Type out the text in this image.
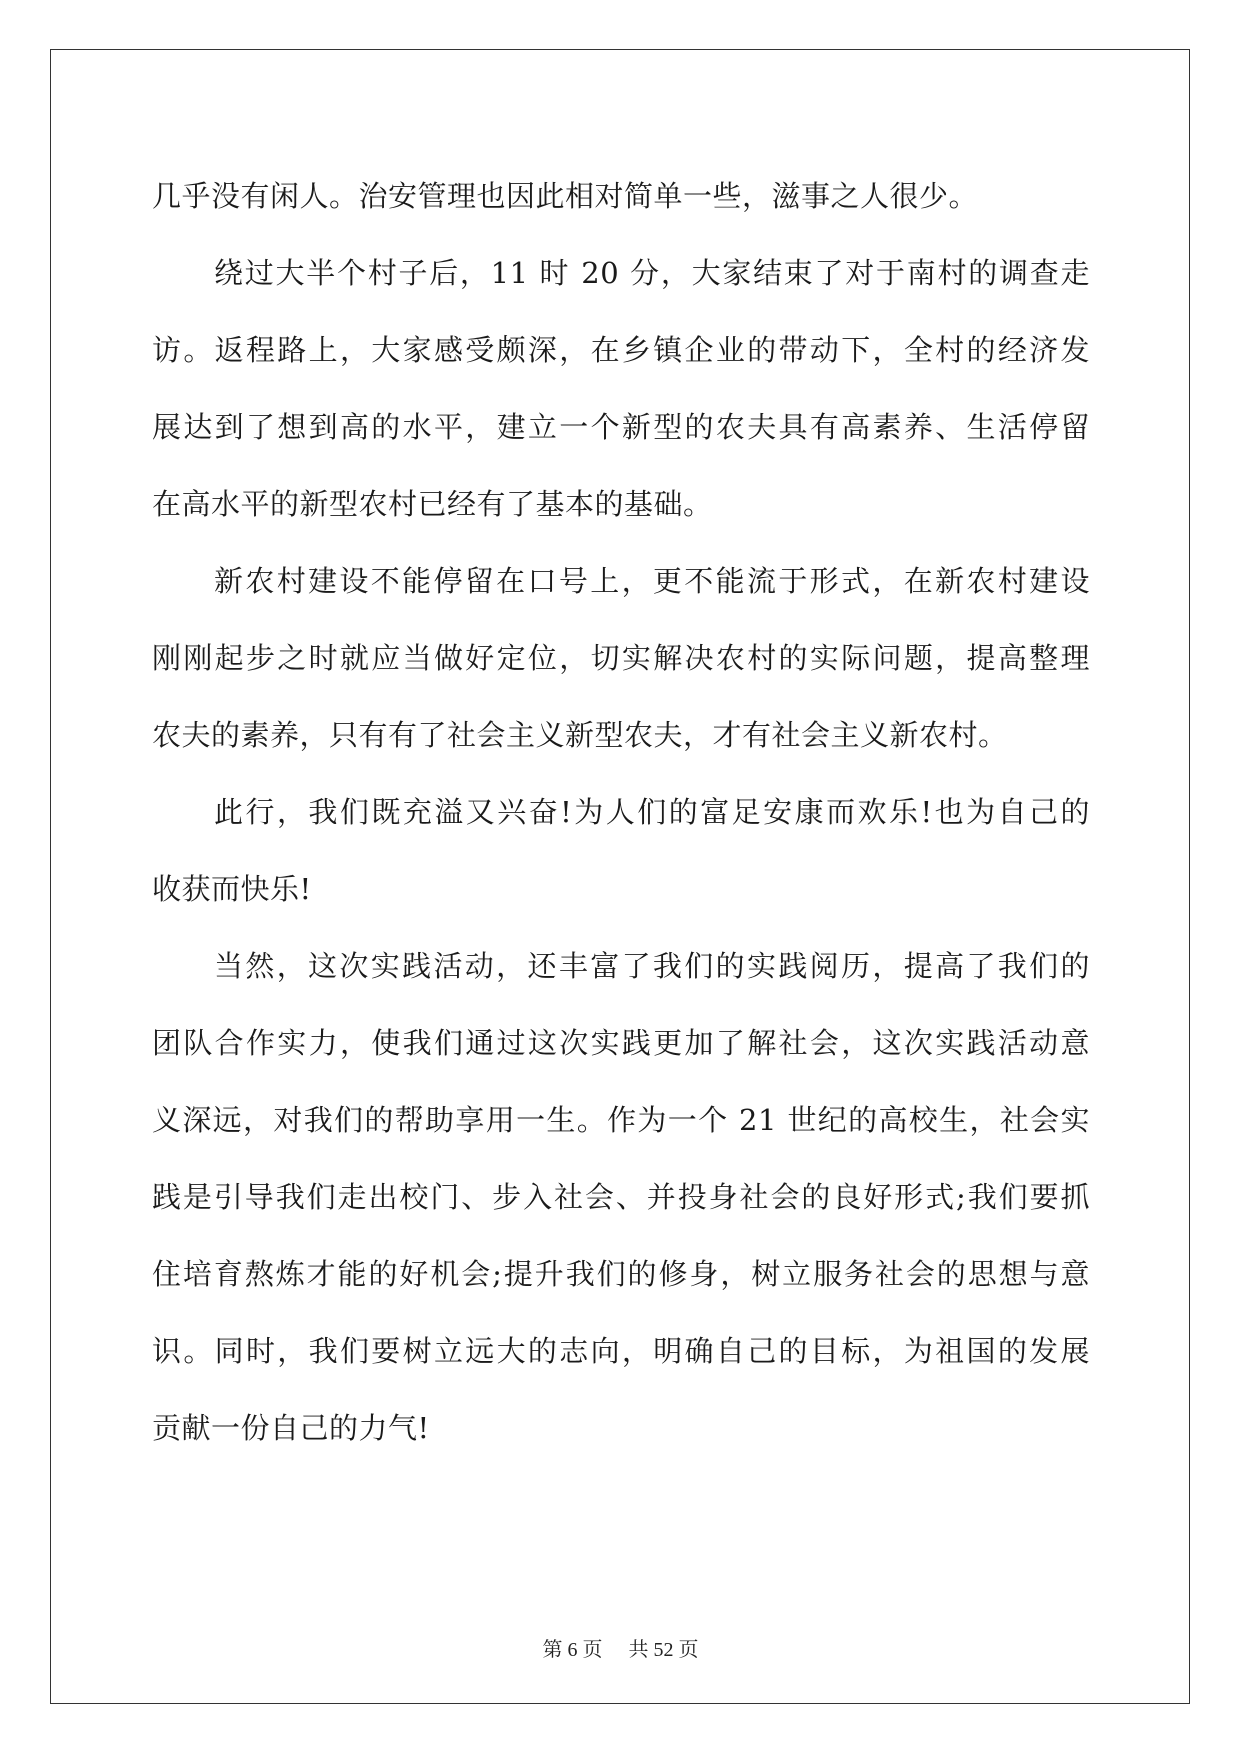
几乎没有闲人。治安管理也因此相对简单一些，滋事之人很少。
绕过大半个村子后，11 时 20 分，大家结束了对于南村的调查走
访。返程路上，大家感受颇深，在乡镇企业的带动下，全村的经济发
展达到了想到高的水平，建立一个新型的农夫具有高素养、生活停留
在高水平的新型农村已经有了基本的基础。
新农村建设不能停留在口号上，更不能流于形式，在新农村建设
刚刚起步之时就应当做好定位，切实解决农村的实际问题，提高整理
农夫的素养，只有有了社会主义新型农夫，才有社会主义新农村。
此行，我们既充溢又兴奋!为人们的富足安康而欢乐!也为自己的
收获而快乐!
当然，这次实践活动，还丰富了我们的实践阅历，提高了我们的
团队合作实力，使我们通过这次实践更加了解社会，这次实践活动意
义深远，对我们的帮助享用一生。作为一个 21 世纪的高校生，社会实
践是引导我们走出校门、步入社会、并投身社会的良好形式;我们要抓
住培育熬炼才能的好机会;提升我们的修身，树立服务社会的思想与意
识。同时，我们要树立远大的志向，明确自己的目标，为祖国的发展
贡献一份自己的力气!
第 6 页 共 52 页
